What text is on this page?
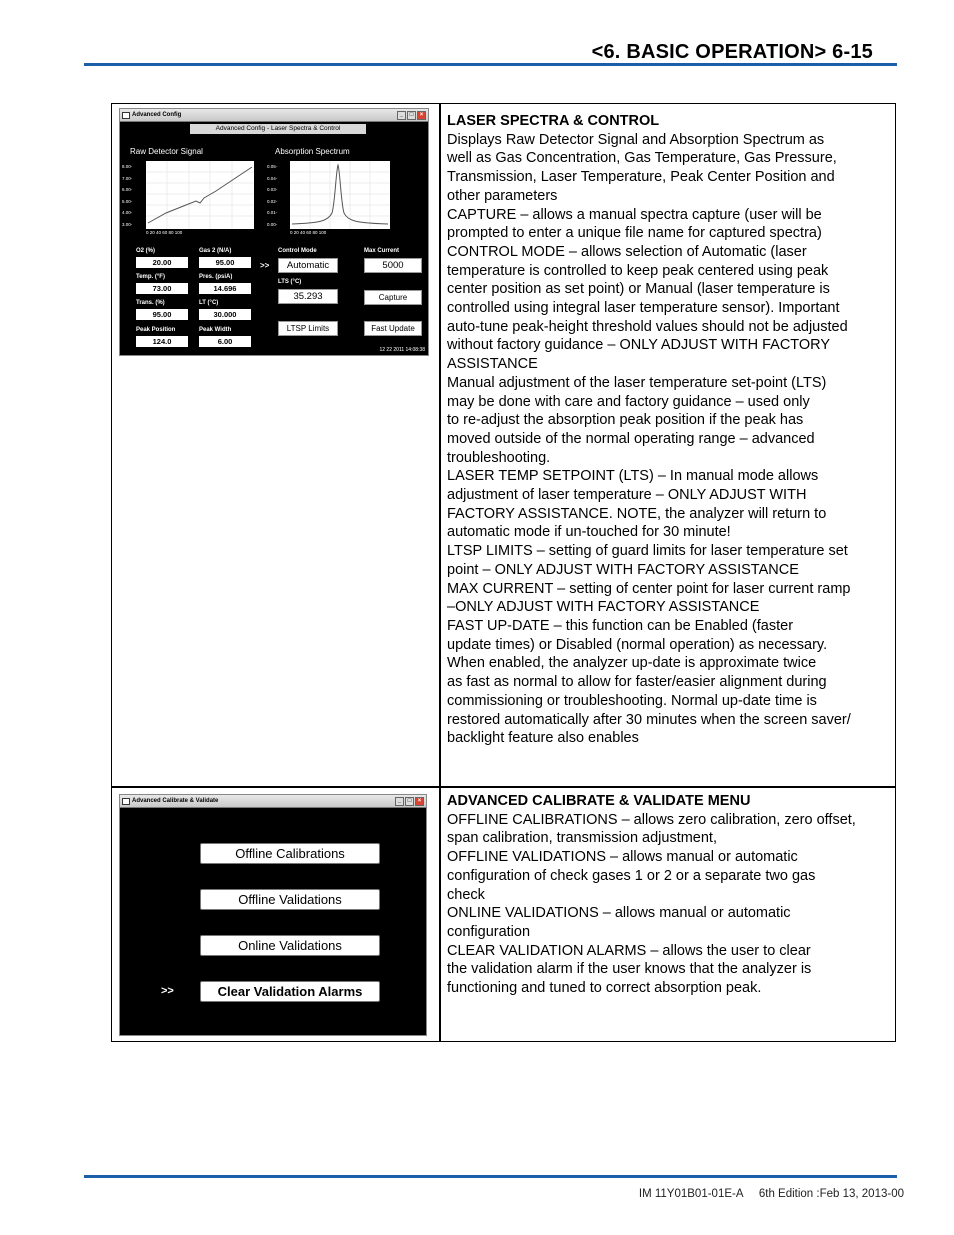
<6. BASIC OPERATION> 6-15
Advanced Config	_	□	×
Advanced Config - Laser Spectra & Control
Raw Detector Signal	Absorption Spectrum
8.00-
7.00-
6.00-
5.00-
4.00-
3.00-
0 20 40 60 80 100
0.05-
0.04-
0.03-
0.02-
0.01-
0.00-
0 20 40 60 80 100
O2 (%)
20.00
Gas 2 (N/A)
95.00
Temp. (°F)
73.00
Pres. (psiA)
14.696
Trans. (%)
95.00
LT (°C)
30.000
Peak Position
124.0
Peak Width
6.00
Control Mode
>>	Automatic
Max Current
5000
LTS (°C)
35.293	Capture
LTSP Limits	Fast Update
12 22 2011 14:08:38

LASER SPECTRA & CONTROL

Displays Raw Detector Signal and Absorption Spectrum as

well as Gas Concentration, Gas Temperature, Gas Pressure,

Transmission, Laser Temperature, Peak Center Position and

other parameters

CAPTURE – allows a manual spectra capture (user will be

prompted to enter a unique file name for captured spectra)

CONTROL MODE – allows selection of Automatic (laser

temperature is controlled to keep peak centered using peak

center position as set point) or Manual (laser temperature is

controlled using integral laser temperature sensor). Important

auto-tune peak-height threshold values should not be adjusted

without factory guidance – ONLY ADJUST WITH FACTORY

ASSISTANCE

Manual adjustment of the laser temperature set-point (LTS)

may be done with care and factory guidance – used only

to re-adjust the absorption peak position if the peak has

moved outside of the normal operating range – advanced

troubleshooting.

LASER TEMP SETPOINT (LTS) – In manual mode allows

adjustment of laser temperature – ONLY ADJUST WITH

FACTORY ASSISTANCE. NOTE, the analyzer will return to

automatic mode if un-touched for 30 minute!

LTSP LIMITS – setting of guard limits for laser temperature set

point – ONLY ADJUST WITH FACTORY ASSISTANCE

MAX CURRENT – setting of center point for laser current ramp

–ONLY ADJUST WITH FACTORY ASSISTANCE

FAST UP-DATE – this function can be Enabled (faster

update times) or Disabled (normal operation) as necessary.

When enabled, the analyzer up-date is approximate twice

as fast as normal to allow for faster/easier alignment during

commissioning or troubleshooting. Normal up-date time is

restored automatically after 30 minutes when the screen saver/

backlight feature also enables

Advanced Calibrate & Validate	_	□	×
Offline Calibrations
Offline Validations
Online Validations
>>	Clear Validation Alarms

ADVANCED CALIBRATE & VALIDATE MENU

OFFLINE CALIBRATIONS – allows zero calibration, zero offset,

span calibration, transmission adjustment,

OFFLINE VALIDATIONS – allows manual or automatic

configuration of check gases 1 or 2 or a separate two gas

check

ONLINE VALIDATIONS – allows manual or automatic

configuration

CLEAR VALIDATION ALARMS – allows the user to clear

the validation alarm if the user knows that the analyzer is

functioning and tuned to correct absorption peak.

IM 11Y01B01-01E-A     6th Edition :Feb 13, 2013-00
